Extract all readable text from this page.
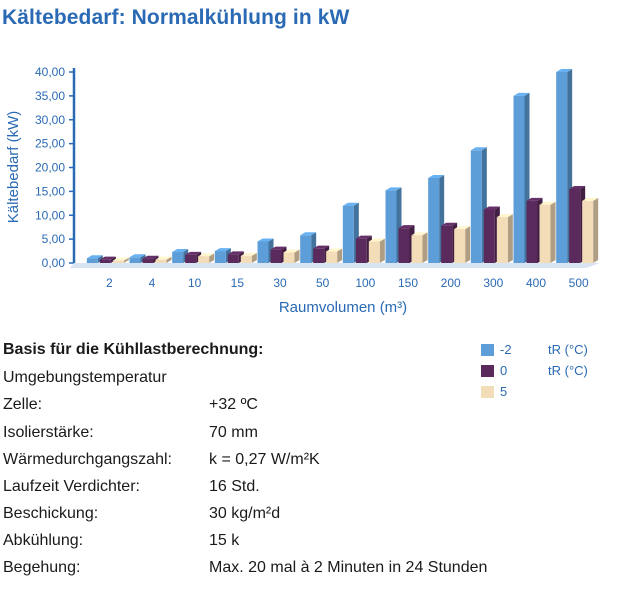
0,00
5,00
10,00
15,00
20,00
25,00
30,00
35,00
40,00
2	4	10 15 30 50 100 150 200 300 400 500
Kältebedarf (kW)
Raumvolumen (m³)
Kältebedarf: Normalkühlung in kW
-2	tR (°C)
0	tR (°C)
5
Basis für die Kühllastberechnung:
Umgebungstemperatur
Zelle:	+32 ºC
Isolierstärke:	70 mm
Wärmedurchgangszahl: k = 0,27 W/m²K
Laufzeit Verdichter:	16 Std.
Beschickung:	30 kg/m²d
Abkühlung:	15 k
Begehung:	Max. 20 mal à 2 Minuten in 24 Stunden
